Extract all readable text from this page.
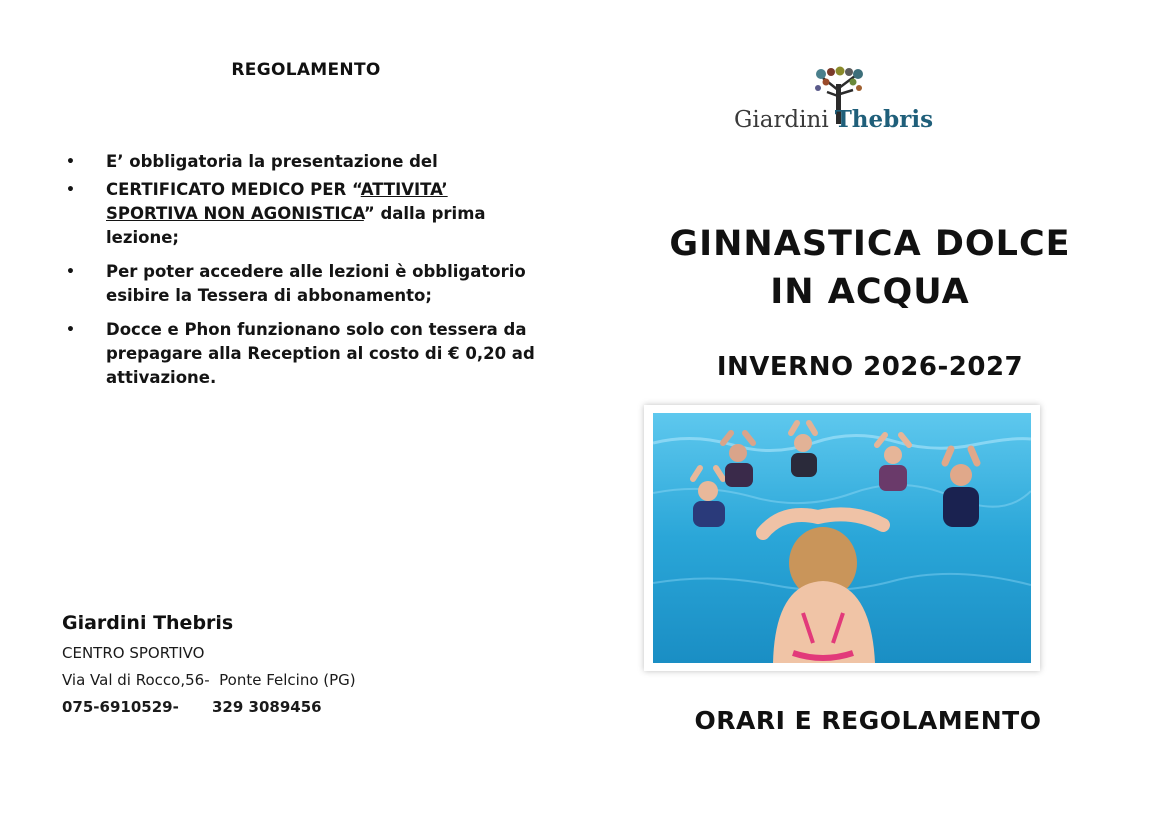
REGOLAMENTO
• E’ obbligatoria la presentazione del
• CERTIFICATO MEDICO PER “ATTIVITA’ SPORTIVA NON AGONISTICA” dalla prima lezione;
• Per poter accedere alle lezioni è obbligatorio esibire la Tessera di abbonamento;
• Docce e Phon funzionano solo con tessera da prepagare alla Reception al costo di € 0,20 ad attivazione.
Giardini Thebris
CENTRO SPORTIVO
Via Val di Rocco,56-  Ponte Felcino (PG)
075-6910529- 329 3089456
Giardini Thebris
GINNASTICA DOLCE
IN ACQUA
INVERNO 2026-2027
ORARI E REGOLAMENTO
